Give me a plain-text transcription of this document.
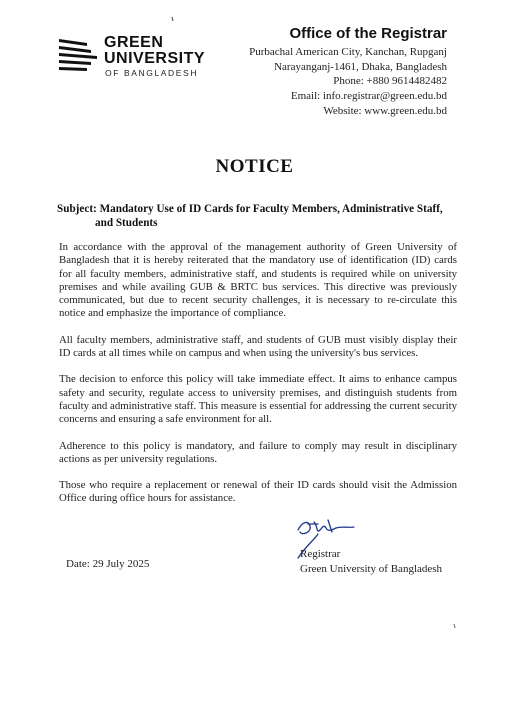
GREEN
UNIVERSITY
OF BANGLADESH
Office of the Registrar
Purbachal American City, Kanchan, Rupganj
Narayanganj-1461, Dhaka, Bangladesh
Phone: +880 9614482482
Email: info.registrar@green.edu.bd
Website: www.green.edu.bd
NOTICE
Subject: Mandatory Use of ID Cards for Faculty Members, Administrative Staff,
and Students

In accordance with the approval of the management authority of Green University of Bangladesh that it is hereby reiterated that the mandatory use of identification (ID) cards for all faculty members, administrative staff, and students is required while on university premises and while availing GUB & BRTC bus services. This directive was previously communicated, but due to recent security challenges, it is necessary to re-circulate this notice and emphasize the importance of compliance.

All faculty members, administrative staff, and students of GUB must visibly display their ID cards at all times while on campus and when using the university's bus services.

The decision to enforce this policy will take immediate effect. It aims to enhance campus safety and security, regulate access to university premises, and distinguish students from faculty and administrative staff. This measure is essential for addressing the current security concerns and ensuring a safe environment for all.

Adherence to this policy is mandatory, and failure to comply may result in disciplinary actions as per university regulations.

Those who require a replacement or renewal of their ID cards should visit the Admission Office during office hours for assistance.

Date: 29 July 2025
Registrar
Green University of Bangladesh
